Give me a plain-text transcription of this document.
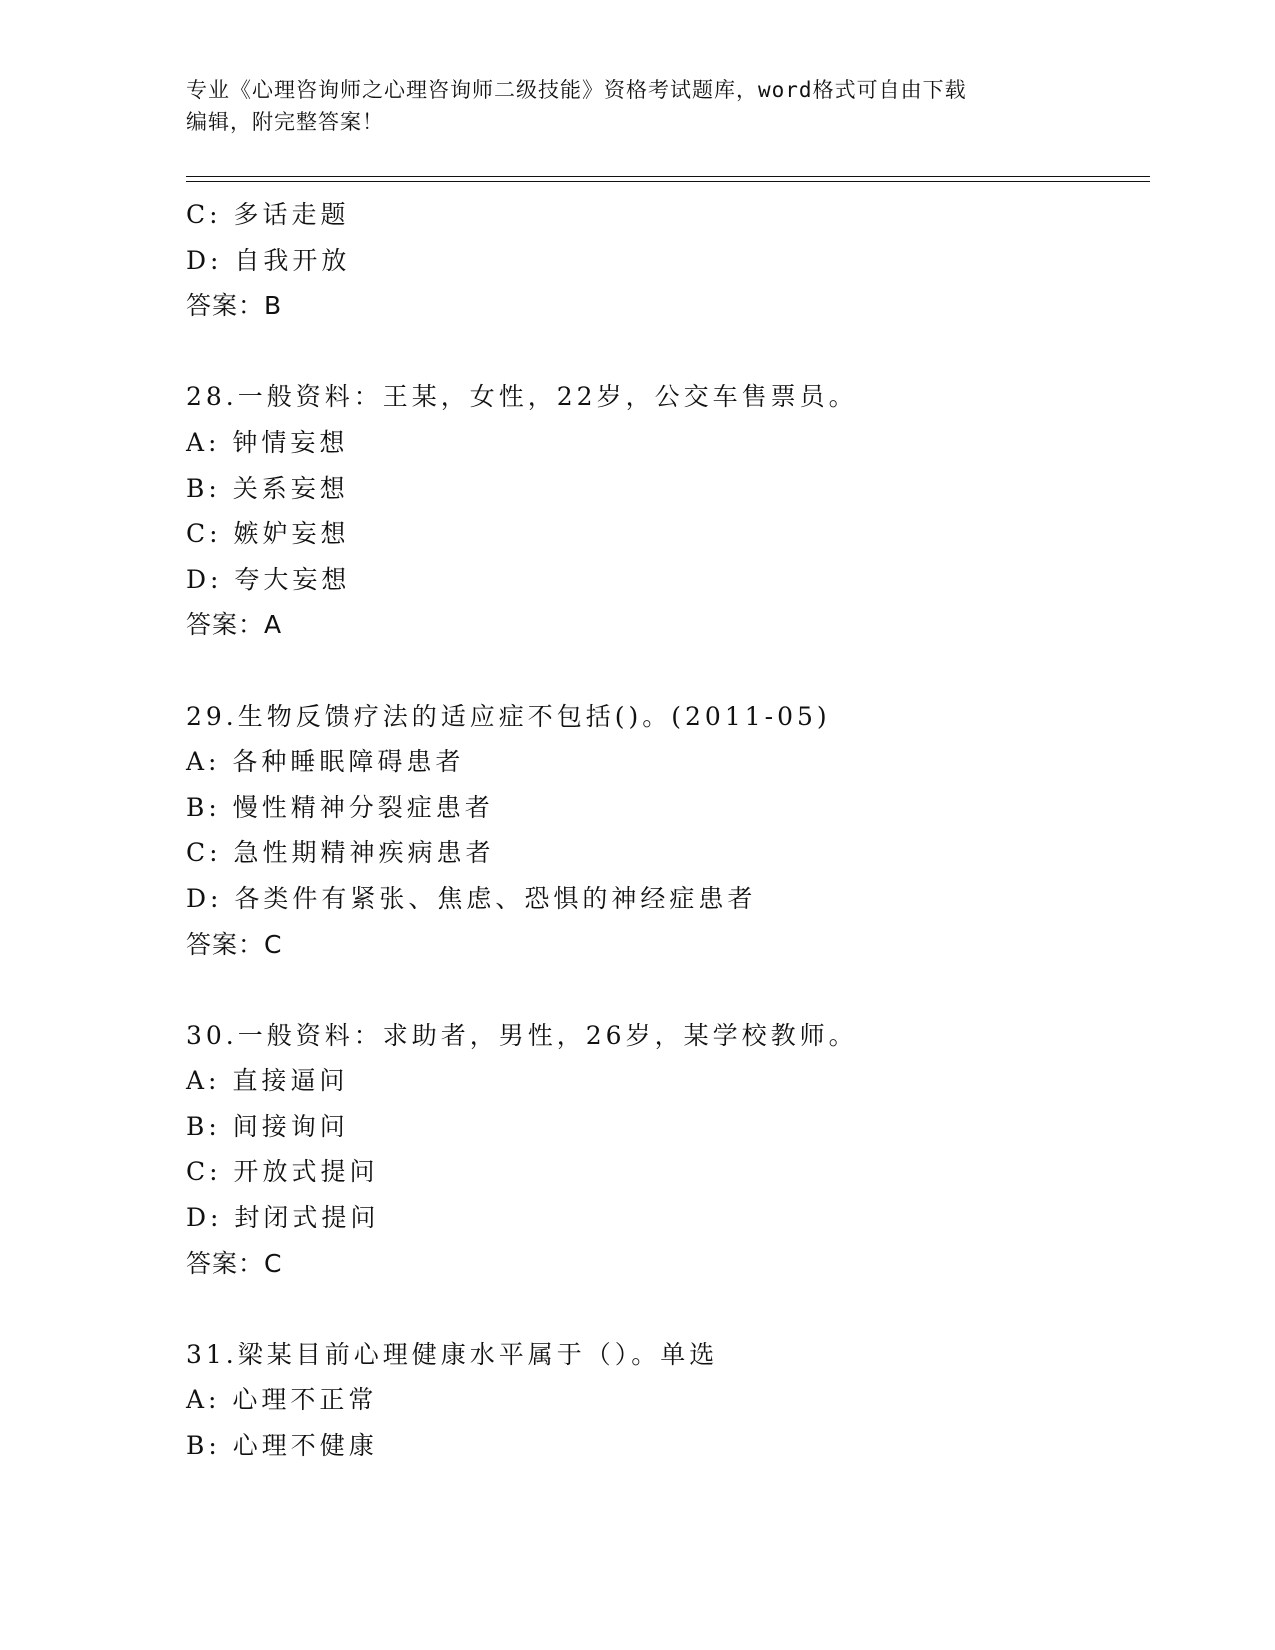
专业《心理咨询师之心理咨询师二级技能》资格考试题库，word格式可自由下载
编辑，附完整答案！
C: 多话走题
D: 自我开放
答案：B
28.一般资料：王某，女性，22岁，公交车售票员。
A: 钟情妄想
B: 关系妄想
C: 嫉妒妄想
D: 夸大妄想
答案：A
29.生物反馈疗法的适应症不包括()。(2011-05)
A: 各种睡眠障碍患者
B: 慢性精神分裂症患者
C: 急性期精神疾病患者
D: 各类件有紧张、焦虑、恐惧的神经症患者
答案：C
30.一般资料：求助者，男性，26岁，某学校教师。
A: 直接逼问
B: 间接询问
C: 开放式提问
D: 封闭式提问
答案：C
31.梁某目前心理健康水平属于（）。单选
A: 心理不正常
B: 心理不健康
